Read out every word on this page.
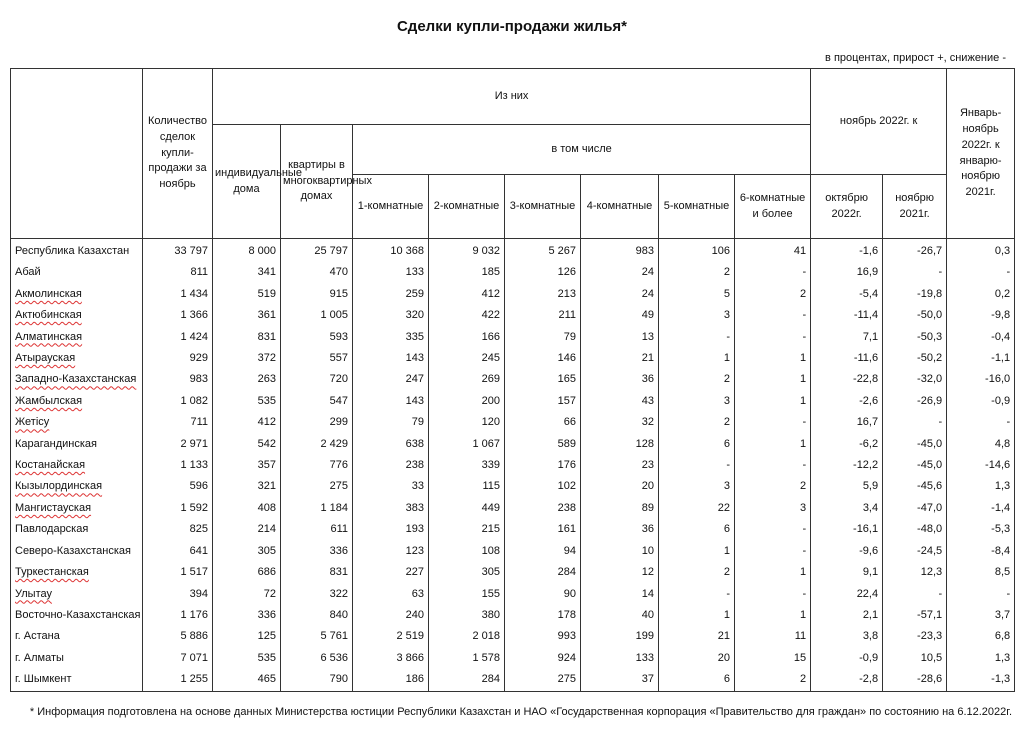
Сделки купли-продажи жилья*
в процентах, прирост +, снижение -
	Количество сделок купли-продажи за ноябрь	Из них								ноябрь 2022г. к		Январь-ноябрь 2022г. к январю-ноябрю 2021г.
		индивидуальные дома	квартиры в многоквартирных домах	в том числе								
				1-комнатные	2-комнатные	3-комнатные	4-комнатные	5-комнатные	6-комнатные и более	октябрю 2022г.	ноябрю 2021г.	
Республика Казахстан	33 797	8 000	25 797	10 368	9 032	5 267	983	106	41	-1,6	-26,7	0,3
Абай	811	341	470	133	185	126	24	2	-	16,9	-	-
Акмолинская	1 434	519	915	259	412	213	24	5	2	-5,4	-19,8	0,2
Актюбинская	1 366	361	1 005	320	422	211	49	3	-	-11,4	-50,0	-9,8
Алматинская	1 424	831	593	335	166	79	13	-	-	7,1	-50,3	-0,4
Атырауская	929	372	557	143	245	146	21	1	1	-11,6	-50,2	-1,1
Западно-Казахстанская	983	263	720	247	269	165	36	2	1	-22,8	-32,0	-16,0
Жамбылская	1 082	535	547	143	200	157	43	3	1	-2,6	-26,9	-0,9
Жетісу	711	412	299	79	120	66	32	2	-	16,7	-	-
Карагандинская	2 971	542	2 429	638	1 067	589	128	6	1	-6,2	-45,0	4,8
Костанайская	1 133	357	776	238	339	176	23	-	-	-12,2	-45,0	-14,6
Кызылординская	596	321	275	33	115	102	20	3	2	5,9	-45,6	1,3
Мангистауская	1 592	408	1 184	383	449	238	89	22	3	3,4	-47,0	-1,4
Павлодарская	825	214	611	193	215	161	36	6	-	-16,1	-48,0	-5,3
Северо-Казахстанская	641	305	336	123	108	94	10	1	-	-9,6	-24,5	-8,4
Туркестанская	1 517	686	831	227	305	284	12	2	1	9,1	12,3	8,5
Улытау	394	72	322	63	155	90	14	-	-	22,4	-	-
Восточно-Казахстанская	1 176	336	840	240	380	178	40	1	1	2,1	-57,1	3,7
г. Астана	5 886	125	5 761	2 519	2 018	993	199	21	11	3,8	-23,3	6,8
г. Алматы	7 071	535	6 536	3 866	1 578	924	133	20	15	-0,9	10,5	1,3
г. Шымкент	1 255	465	790	186	284	275	37	6	2	-2,8	-28,6	-1,3
* Информация подготовлена на основе данных Министерства юстиции Республики Казахстан и НАО «Государственная корпорация «Правительство для граждан» по состоянию на 6.12.2022г.
